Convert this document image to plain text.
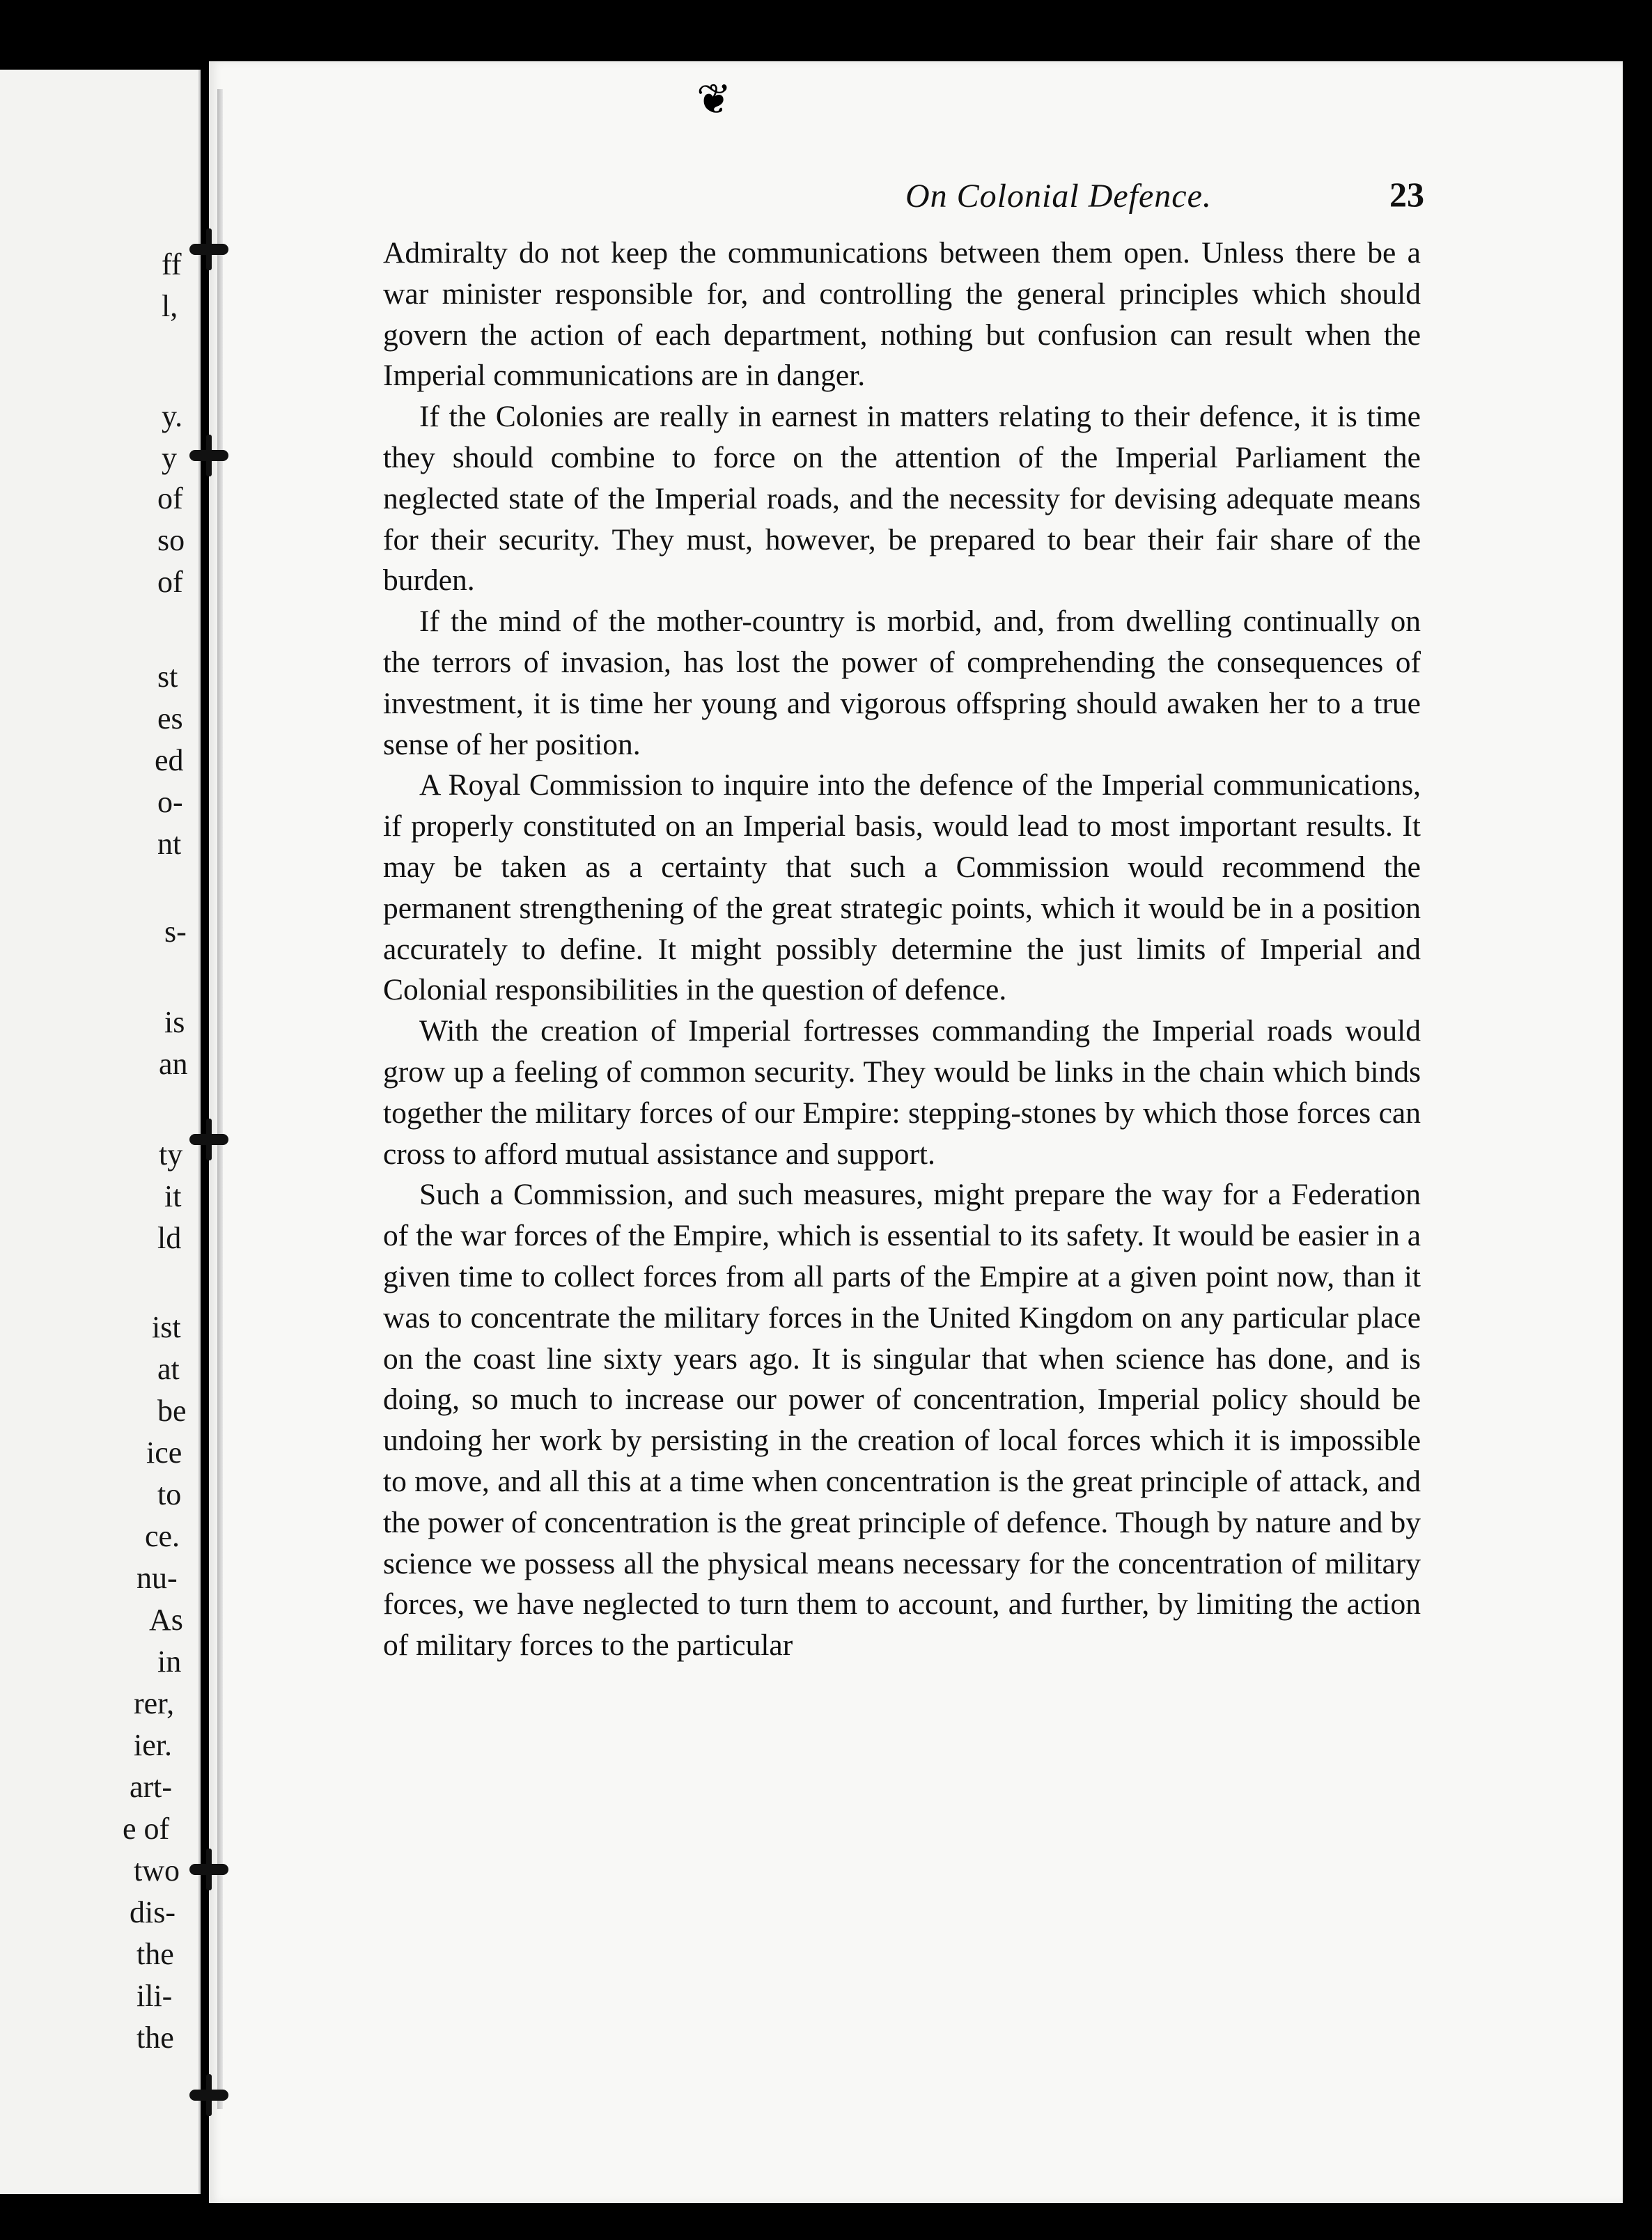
ff
l,
y.
y
of
so
of
st
es
ed
o-
nt
s-
is
an
ty
it
ld
ist
at
be
ice
to
ce.
nu-
As
in
rer,
ier.
art-
e of
two
dis-
the
ili-
the
❦
On Colonial Defence.	23

Admiralty do not keep the communications between them open. Unless there be a war minister responsible for, and controlling the general principles which should govern the action of each department, nothing but confusion can result when the Imperial communications are in danger.

If the Colonies are really in earnest in matters relating to their defence, it is time they should combine to force on the attention of the Imperial Parliament the neglected state of the Imperial roads, and the necessity for devising adequate means for their security. They must, however, be prepared to bear their fair share of the burden.

If the mind of the mother-country is morbid, and, from dwelling continually on the terrors of invasion, has lost the power of comprehending the consequences of investment, it is time her young and vigorous offspring should awaken her to a true sense of her position.

A Royal Commission to inquire into the defence of the Imperial communications, if properly constituted on an Imperial basis, would lead to most important results. It may be taken as a certainty that such a Commission would recommend the permanent strengthening of the great strategic points, which it would be in a position accurately to define. It might possibly determine the just limits of Imperial and Colonial responsibilities in the question of defence.

With the creation of Imperial fortresses commanding the Imperial roads would grow up a feeling of common security. They would be links in the chain which binds together the military forces of our Empire: stepping-stones by which those forces can cross to afford mutual assistance and support.

Such a Commission, and such measures, might prepare the way for a Federation of the war forces of the Empire, which is essential to its safety. It would be easier in a given time to collect forces from all parts of the Empire at a given point now, than it was to concentrate the military forces in the United Kingdom on any particular place on the coast line sixty years ago. It is singular that when science has done, and is doing, so much to increase our power of concentration, Imperial policy should be undoing her work by persisting in the creation of local forces which it is impossible to move, and all this at a time when concentration is the great principle of attack, and the power of concentration is the great principle of defence. Though by nature and by science we possess all the physical means necessary for the concentration of military forces, we have neglected to turn them to account, and further, by limiting the action of military forces to the particular
